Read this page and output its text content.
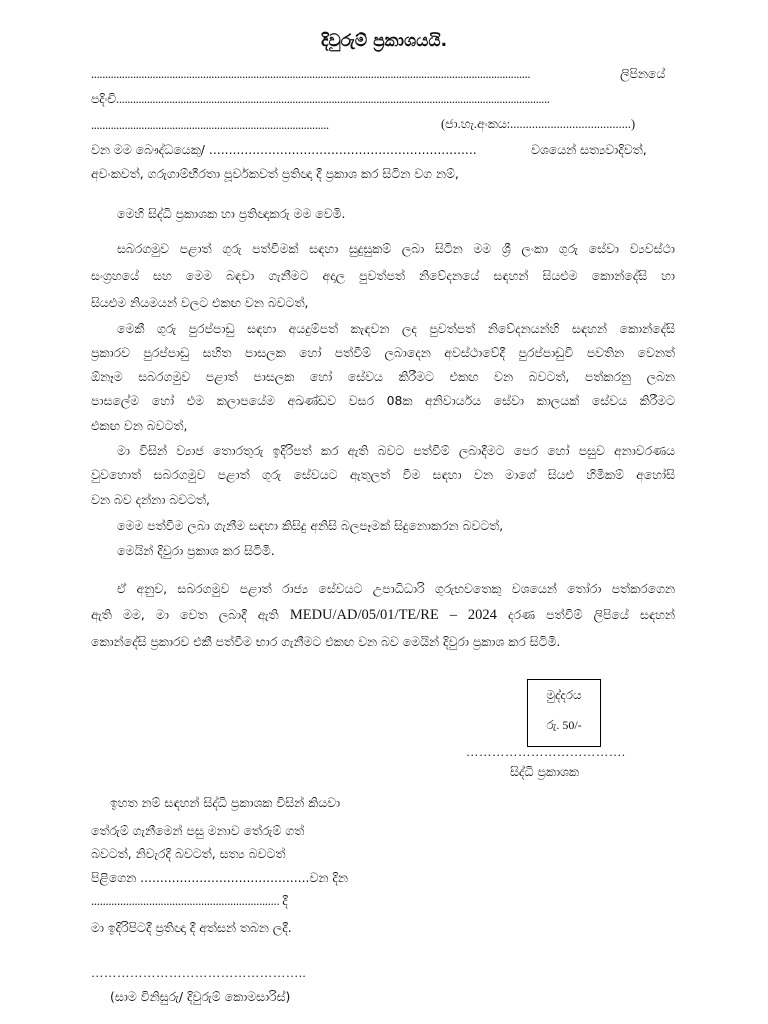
දිවුරුම් ප්‍රකාශයයි.
.............................................................................................................................................................	ලිපිනයේ
පදිංචි...........................................................................................................................................................
.....................................................................................	(ජා.හැ.අංකය:.......................................)
වන මම බෞද්ධයෙකු/ ....................................................................	වශයෙන් සත්‍යවාදිවත්,
අවංකවත්, ගරුගාම්භීරතා පූර්වකවත් ප්‍රතිඥා දී ප්‍රකාශ කර සිටින වග නම්,
මෙහි සිද්ධි ප්‍රකාශක හා ප්‍රතිඥාකරු මම වෙමි.
සබරගමුව පළාත් ගුරු පත්වීමක් සඳහා සුදුසුකම් ලබා සිටින මම ශ්‍රී ලංකා ගුරු සේවා ව්‍යවස්ථා
සංග්‍රහයේ සහ මෙම බඳවා ගැනීමට අදාල පුවත්පත් නිවේදනයේ සඳහන් සියළුම කොන්දේසි හා
සියළුම නියමයන් වලට එකඟ වන බවටත්,
මෙකී ගුරු පුරප්පාඩු සඳහා අයදුම්පත් කැඳවන ලද පුවත්පත් නිවේදනයන්හි සඳහන් කොන්දේසි
ප්‍රකාරව පුරප්පාඩු සහිත පාසලක හෝ පත්වීම් ලබාදෙන අවස්ථාවේදී පුරප්පාඩුවී පවතින වෙනත්
ඕනෑම සබරගමුව පළාත් පාසලක හෝ සේවය කිරීමට එකඟ වන බවටත්, පත්කරනු ලබන
පාසලේම හෝ එම කලාපයේම අඛණ්ඩව වසර 08ක අනිවාර්යය සේවා කාලයක් සේවය කිරීමට
එකඟ වන බවටත්,
මා විසින් ව්‍යාජ තොරතුරු ඉදිරිපත් කර ඇති බවට පත්වීම් ලබාදීමට පෙර හෝ පසුව අනාවරණය
වුවහොත් සබරගමුව පළාත් ගුරු සේවයට ඇතුලත් වීම සඳහා වන මාගේ සියළු හිමිකම් අහෝසි
වන බව දන්නා බවටත්,
මෙම පත්වීම ලබා ගැනීම සඳහා කිසිදු අනිසි බලපෑමක් සිදුනොකරන බවටත්,
මෙයින් දිවුරා ප්‍රකාශ කර සිටිමි.
ඒ අනුව, සබරගමුව පළාත් රාජ්‍ය සේවයට උපාධිධාරි ගුරුභවතෙකු වශයෙන් තෝරා පත්කරගෙන
ඇති මම, මා වෙත ලබාදී ඇති MEDU/AD/05/01/TE/RE – 2024 දරණ පත්වීම් ලිපියේ සඳහන්
කොන්දේසි ප්‍රකාරව එකී පත්වීම භාර ගැනීමට එකඟ වන බව මෙයින් දිවුරා ප්‍රකාශ කර සිටිමි.
මුද්දරය
රු. 50/-
……………………………….
සිද්ධි ප්‍රකාශක
ඉහත නම් සඳහන් සිද්ධි ප්‍රකාශක විසින් කියවා
තේරුම් ගැනීමෙන් පසු මනාව තේරුම් ගත්
බවටත්, නිවැරදි බවටත්, සත්‍ය බවටත්
පිළිගෙන ...........................................වන දින
................................................................. දී
මා ඉදිරිපිටදී ප්‍රතිඥා දී අත්සන් තබන ලදී.
…………………………………………..
(සාම විනිසුරු/ දිවුරුම් කොමසාරිස්)
